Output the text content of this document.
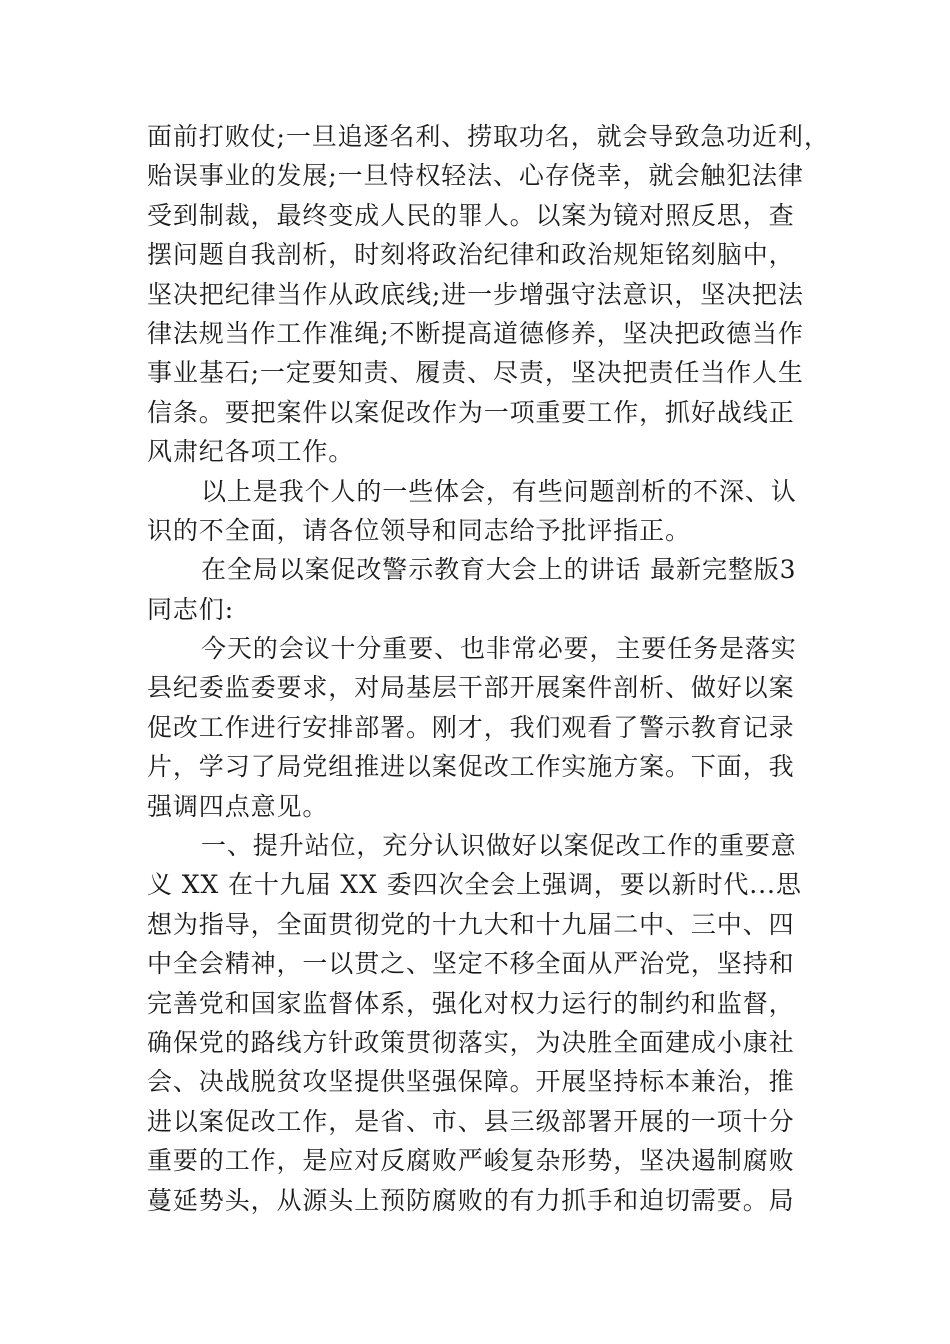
面前打败仗;一旦追逐名利、捞取功名，就会导致急功近利，
贻误事业的发展;一旦恃权轻法、心存侥幸，就会触犯法律
受到制裁，最终变成人民的罪人。以案为镜对照反思，查
摆问题自我剖析，时刻将政治纪律和政治规矩铭刻脑中，
坚决把纪律当作从政底线;进一步增强守法意识，坚决把法
律法规当作工作准绳;不断提高道德修养，坚决把政德当作
事业基石;一定要知责、履责、尽责，坚决把责任当作人生
信条。要把案件以案促改作为一项重要工作，抓好战线正
风肃纪各项工作。
以上是我个人的一些体会，有些问题剖析的不深、认
识的不全面，请各位领导和同志给予批评指正。
在全局以案促改警示教育大会上的讲话 最新完整版3
同志们:
今天的会议十分重要、也非常必要，主要任务是落实
县纪委监委要求，对局基层干部开展案件剖析、做好以案
促改工作进行安排部署。刚才，我们观看了警示教育记录
片，学习了局党组推进以案促改工作实施方案。下面，我
强调四点意见。
一、提升站位，充分认识做好以案促改工作的重要意
义 XX 在十九届 XX 委四次全会上强调，要以新时代...思
想为指导，全面贯彻党的十九大和十九届二中、三中、四
中全会精神，一以贯之、坚定不移全面从严治党，坚持和
完善党和国家监督体系，强化对权力运行的制约和监督，
确保党的路线方针政策贯彻落实，为决胜全面建成小康社
会、决战脱贫攻坚提供坚强保障。开展坚持标本兼治，推
进以案促改工作，是省、市、县三级部署开展的一项十分
重要的工作，是应对反腐败严峻复杂形势，坚决遏制腐败
蔓延势头，从源头上预防腐败的有力抓手和迫切需要。局
